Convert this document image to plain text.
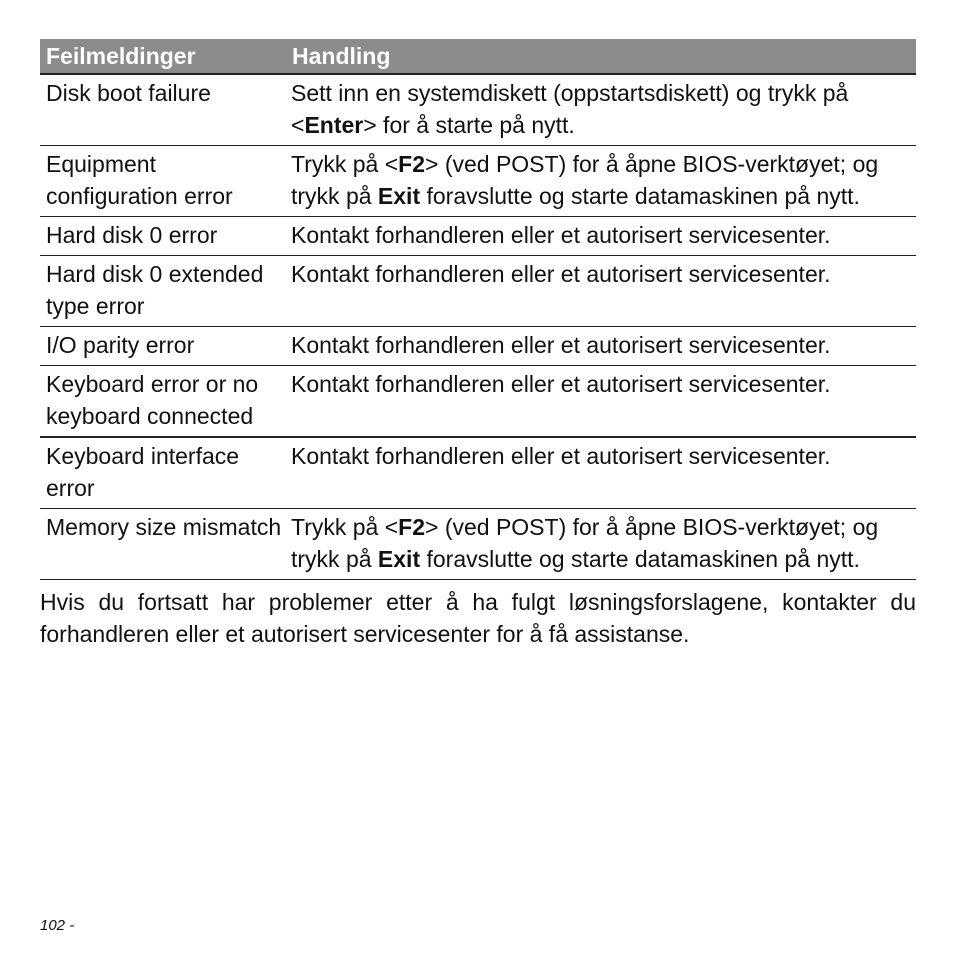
Feilmeldinger	Handling
Disk boot failure	Sett inn en systemdiskett (oppstartsdiskett) og trykk på <Enter> for å starte på nytt.
Equipment configuration error	Trykk på <F2> (ved POST) for å åpne BIOS-verktøyet; og trykk på Exit foravslutte og starte datamaskinen på nytt.
Hard disk 0 error	Kontakt forhandleren eller et autorisert servicesenter.
Hard disk 0 extended type error	Kontakt forhandleren eller et autorisert servicesenter.
I/O parity error	Kontakt forhandleren eller et autorisert servicesenter.
Keyboard error or no keyboard connected	Kontakt forhandleren eller et autorisert servicesenter.
Keyboard interface error	Kontakt forhandleren eller et autorisert servicesenter.
Memory size mismatch	Trykk på <F2> (ved POST) for å åpne BIOS-verktøyet; og trykk på Exit foravslutte og starte datamaskinen på nytt.

Hvis du fortsatt har problemer etter å ha fulgt løsningsforslagene, kontakter du forhandleren eller et autorisert servicesenter for å få assistanse.

102 -
